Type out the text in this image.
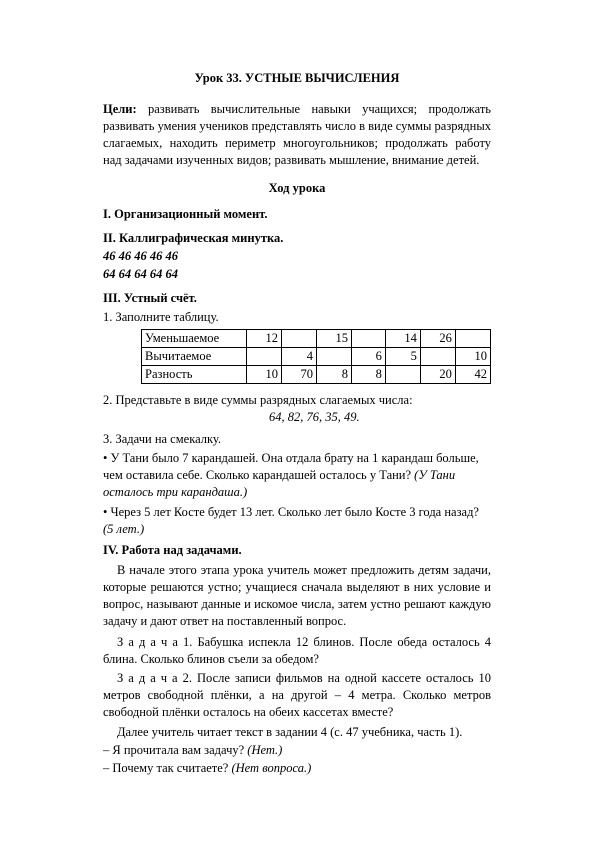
Урок 33. УСТНЫЕ ВЫЧИСЛЕНИЯ
Цели: развивать вычислительные навыки учащихся; продолжать развивать умения учеников представлять число в виде суммы разрядных слагаемых, находить периметр многоугольников; продолжать работу над задачами изученных видов; развивать мышление, внимание детей.
Ход урока
I. Организационный момент.
II. Каллиграфическая минутка.
46 46 46 46 46
64 64 64 64 64
III. Устный счёт.
1. Заполните таблицу.
Уменьшаемое	12		15		14	26	
Вычитаемое		4		6	5		10
Разность	10	70	8	8		20	42
2. Представьте в виде суммы разрядных слагаемых числа:
64, 82, 76, 35, 49.
3. Задачи на смекалку.
• У Тани было 7 карандашей. Она отдала брату на 1 карандаш больше, чем оставила себе. Сколько карандашей осталось у Тани? (У Тани осталось три карандаша.)
• Через 5 лет Косте будет 13 лет. Сколько лет было Косте 3 года назад? (5 лет.)
IV. Работа над задачами.
В начале этого этапа урока учитель может предложить детям задачи, которые решаются устно; учащиеся сначала выделяют в них условие и вопрос, называют данные и искомое числа, затем устно решают каждую задачу и дают ответ на поставленный вопрос.
З а д а ч а 1. Бабушка испекла 12 блинов. После обеда осталось 4 блина. Сколько блинов съели за обедом?
З а д а ч а 2. После записи фильмов на одной кассете осталось 10 метров свободной плёнки, а на другой – 4 метра. Сколько метров свободной плёнки осталось на обеих кассетах вместе?
Далее учитель читает текст в задании 4 (с. 47 учебника, часть 1).
– Я прочитала вам задачу? (Нет.)
– Почему так считаете? (Нет вопроса.)
